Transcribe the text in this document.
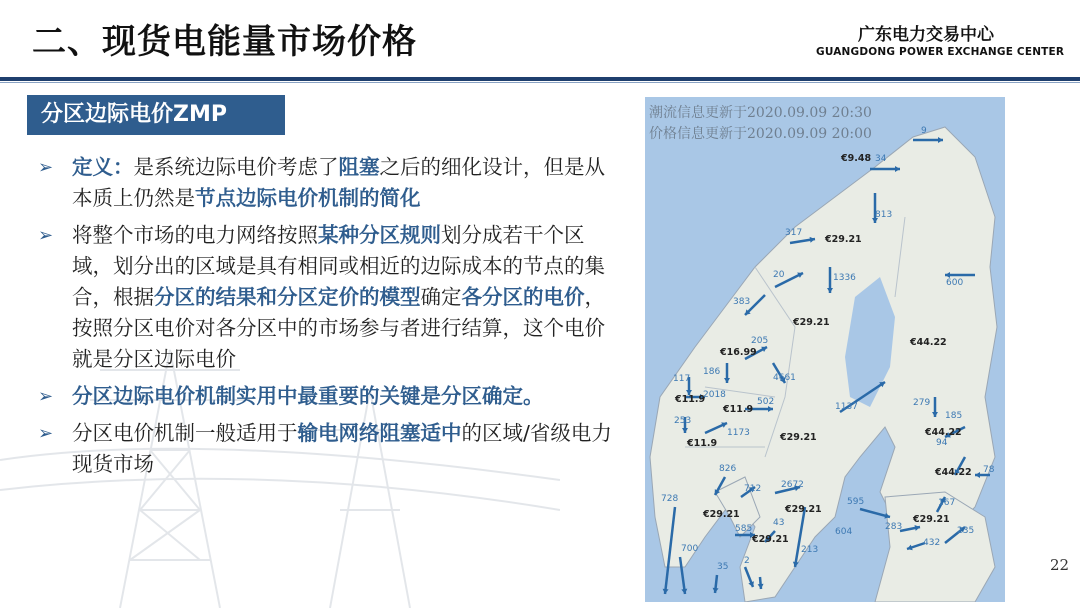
二、现货电能量市场价格	广东电力交易中心
GUANGDONG POWER EXCHANGE CENTER
分区边际电价ZMP
➢ 定义：是系统边际电价考虑了阻塞之后的细化设计，但是从本质上仍然是节点边际电价机制的简化
➢ 将整个市场的电力网络按照某种分区规则划分成若干个区域，划分出的区域是具有相同或相近的边际成本的节点的集合，根据分区的结果和分区定价的模型确定各分区的电价，按照分区电价对各分区中的市场参与者进行结算，这个电价就是分区边际电价
➢ 分区边际电价机制实用中最重要的关键是分区确定。
➢ 分区电价机制一般适用于输电网络阻塞适中的区域/省级电力现货市场
潮流信息更新于2020.09.09 20:30
价格信息更新于2020.09.09 20:00
€9.48
€29.21
€29.21
€16.99
€11.9
€11.9
€11.9
€29.21
€44.22
€44.22
€44.22
€29.21	€29.21
€29.21
€29.21
9
34
813
317
20	1336	600
383
205
186
4661
117
2018
502
253
1173
279
185
94
1137
826
712 2672
728	595	167
78
43
585	604	283
213
700
235
432
35
2	22
